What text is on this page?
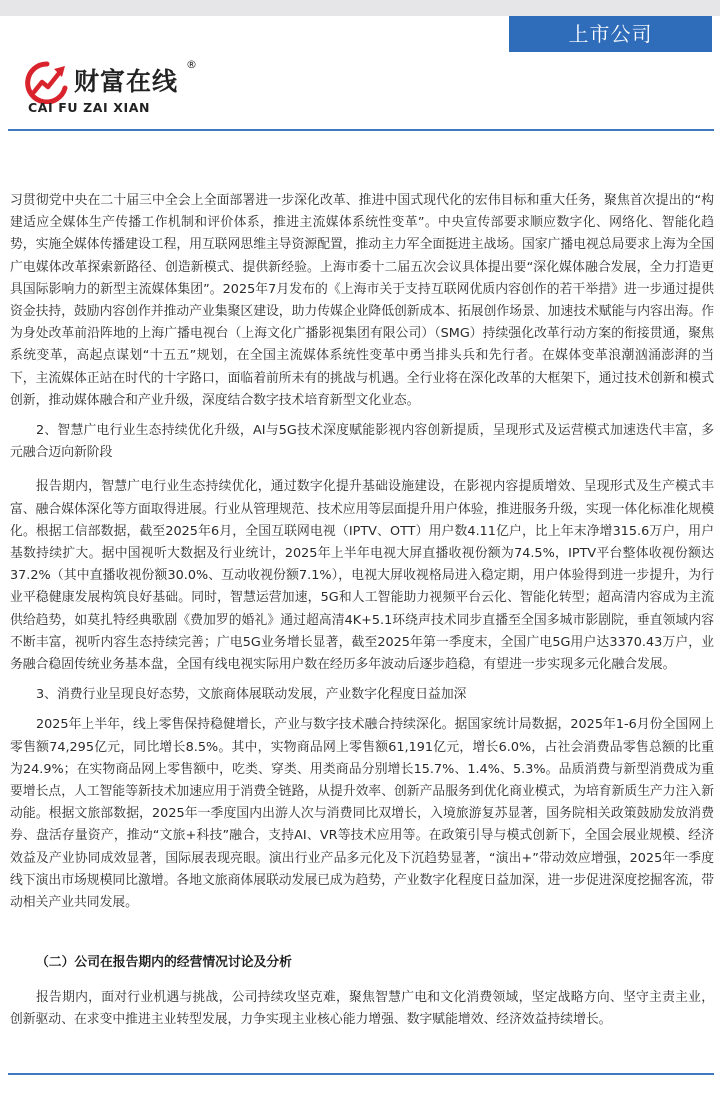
上市公司
财富在线
®
CAI FU ZAI XIAN

习贯彻党中央在二十届三中全会上全面部署进一步深化改革、推进中国式现代化的宏伟目标和重大任务，聚焦首次提出的“构建适应全媒体生产传播工作机制和评价体系，推进主流媒体系统性变革”。中央宣传部要求顺应数字化、网络化、智能化趋势，实施全媒体传播建设工程，用互联网思维主导资源配置，推动主力军全面挺进主战场。国家广播电视总局要求上海为全国广电媒体改革探索新路径、创造新模式、提供新经验。上海市委十二届五次会议具体提出要“深化媒体融合发展，全力打造更具国际影响力的新型主流媒体集团”。2025年7月发布的《上海市关于支持互联网优质内容创作的若干举措》进一步通过提供资金扶持，鼓励内容创作并推动产业集聚区建设，助力传媒企业降低创新成本、拓展创作场景、加速技术赋能与内容出海。作为身处改革前沿阵地的上海广播电视台（上海文化广播影视集团有限公司）（SMG）持续强化改革行动方案的衔接贯通，聚焦系统变革，高起点谋划“十五五”规划，在全国主流媒体系统性变革中勇当排头兵和先行者。在媒体变革浪潮汹涌澎湃的当下，主流媒体正站在时代的十字路口，面临着前所未有的挑战与机遇。全行业将在深化改革的大框架下，通过技术创新和模式创新，推动媒体融合和产业升级，深度结合数字技术培育新型文化业态。

2、智慧广电行业生态持续优化升级，AI与5G技术深度赋能影视内容创新提质，呈现形式及运营模式加速迭代丰富，多元融合迈向新阶段

报告期内，智慧广电行业生态持续优化，通过数字化提升基础设施建设，在影视内容提质增效、呈现形式及生产模式丰富、融合媒体深化等方面取得进展。行业从管理规范、技术应用等层面提升用户体验，推进服务升级，实现一体化标准化规模化。根据工信部数据，截至2025年6月，全国互联网电视（IPTV、OTT）用户数4.11亿户，比上年末净增315.6万户，用户基数持续扩大。据中国视听大数据及行业统计，2025年上半年电视大屏直播收视份额为74.5%，IPTV平台整体收视份额达37.2%（其中直播收视份额30.0%、互动收视份额7.1%），电视大屏收视格局进入稳定期，用户体验得到进一步提升，为行业平稳健康发展构筑良好基础。同时，智慧运营加速，5G和人工智能助力视频平台云化、智能化转型；超高清内容成为主流供给趋势，如莫扎特经典歌剧《费加罗的婚礼》通过超高清4K+5.1环绕声技术同步直播至全国多城市影剧院，垂直领域内容不断丰富，视听内容生态持续完善；广电5G业务增长显著，截至2025年第一季度末，全国广电5G用户达3370.43万户，业务融合稳固传统业务基本盘，全国有线电视实际用户数在经历多年波动后逐步趋稳，有望进一步实现多元化融合发展。

3、消费行业呈现良好态势，文旅商体展联动发展，产业数字化程度日益加深

2025年上半年，线上零售保持稳健增长，产业与数字技术融合持续深化。据国家统计局数据，2025年1-6月份全国网上零售额74,295亿元，同比增长8.5%。其中，实物商品网上零售额61,191亿元，增长6.0%，占社会消费品零售总额的比重为24.9%；在实物商品网上零售额中，吃类、穿类、用类商品分别增长15.7%、1.4%、5.3%。品质消费与新型消费成为重要增长点，人工智能等新技术加速应用于消费全链路，从提升效率、创新产品服务到优化商业模式，为培育新质生产力注入新动能。根据文旅部数据，2025年一季度国内出游人次与消费同比双增长，入境旅游复苏显著，国务院相关政策鼓励发放消费券、盘活存量资产，推动“文旅+科技”融合，支持AI、VR等技术应用等。在政策引导与模式创新下，全国会展业规模、经济效益及产业协同成效显著，国际展表现亮眼。演出行业产品多元化及下沉趋势显著，“演出+”带动效应增强，2025年一季度线下演出市场规模同比激增。各地文旅商体展联动发展已成为趋势，产业数字化程度日益加深，进一步促进深度挖掘客流，带动相关产业共同发展。

（二）公司在报告期内的经营情况讨论及分析

报告期内，面对行业机遇与挑战，公司持续攻坚克难，聚焦智慧广电和文化消费领域，坚定战略方向、坚守主责主业，创新驱动、在求变中推进主业转型发展，力争实现主业核心能力增强、数字赋能增效、经济效益持续增长。
